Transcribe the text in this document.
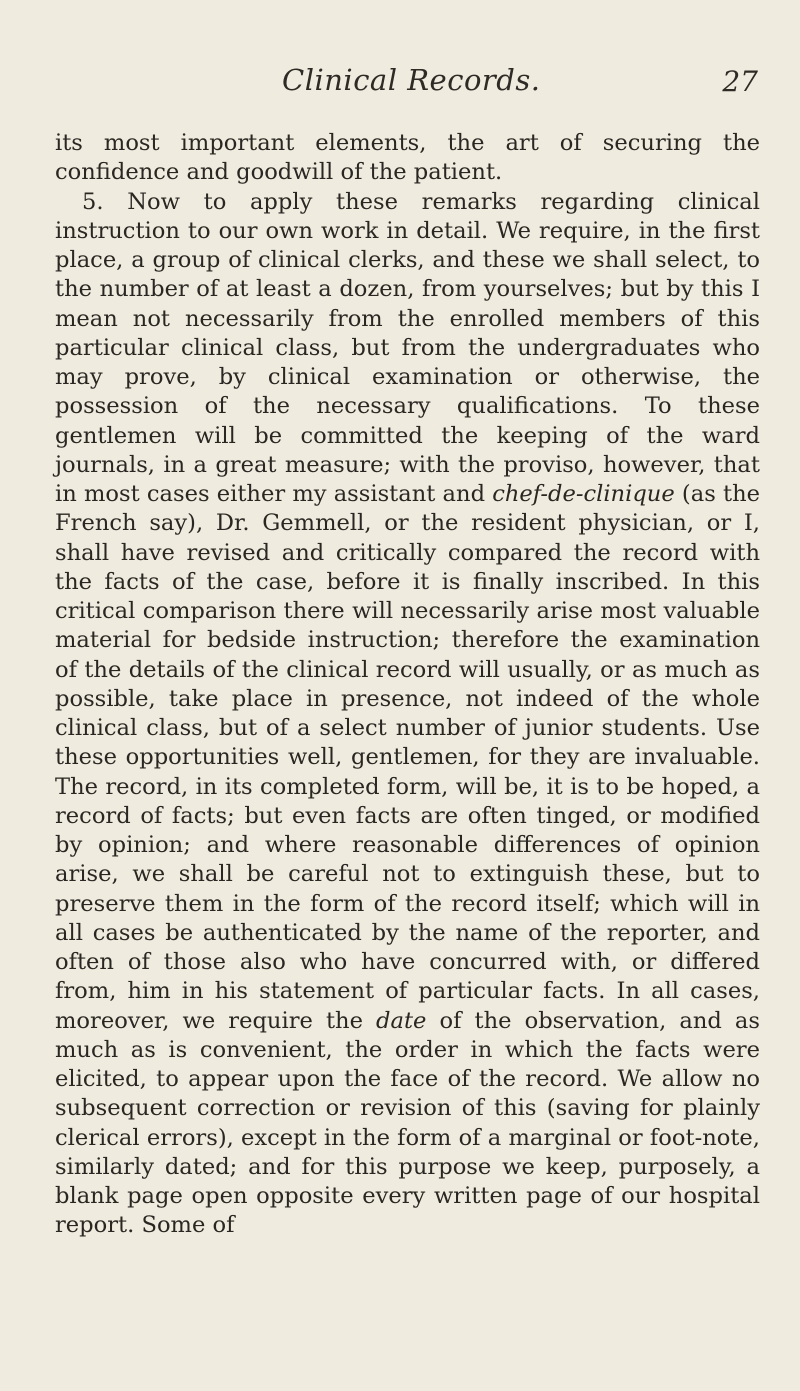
Clinical Records.	27

its most important elements, the art of securing the confidence and goodwill of the patient.

5. Now to apply these remarks regarding clinical instruction to our own work in detail. We require, in the first place, a group of clinical clerks, and these we shall select, to the number of at least a dozen, from yourselves; but by this I mean not necessarily from the enrolled members of this particular clinical class, but from the undergraduates who may prove, by clinical examination or otherwise, the possession of the necessary qualifications. To these gentlemen will be committed the keeping of the ward journals, in a great measure; with the proviso, however, that in most cases either my assistant and chef-de-clinique (as the French say), Dr. Gemmell, or the resident physician, or I, shall have revised and critically compared the record with the facts of the case, before it is finally inscribed. In this critical comparison there will necessarily arise most valuable material for bedside instruction; therefore the examination of the details of the clinical record will usually, or as much as possible, take place in presence, not indeed of the whole clinical class, but of a select number of junior students. Use these opportunities well, gentlemen, for they are invaluable. The record, in its completed form, will be, it is to be hoped, a record of facts; but even facts are often tinged, or modified by opinion; and where reasonable differences of opinion arise, we shall be careful not to extinguish these, but to preserve them in the form of the record itself; which will in all cases be authenticated by the name of the reporter, and often of those also who have concurred with, or differed from, him in his statement of particular facts. In all cases, moreover, we require the date of the observation, and as much as is convenient, the order in which the facts were elicited, to appear upon the face of the record. We allow no subsequent correction or revision of this (saving for plainly clerical errors), except in the form of a marginal or foot-note, similarly dated; and for this purpose we keep, purposely, a blank page open opposite every written page of our hospital report. Some of
